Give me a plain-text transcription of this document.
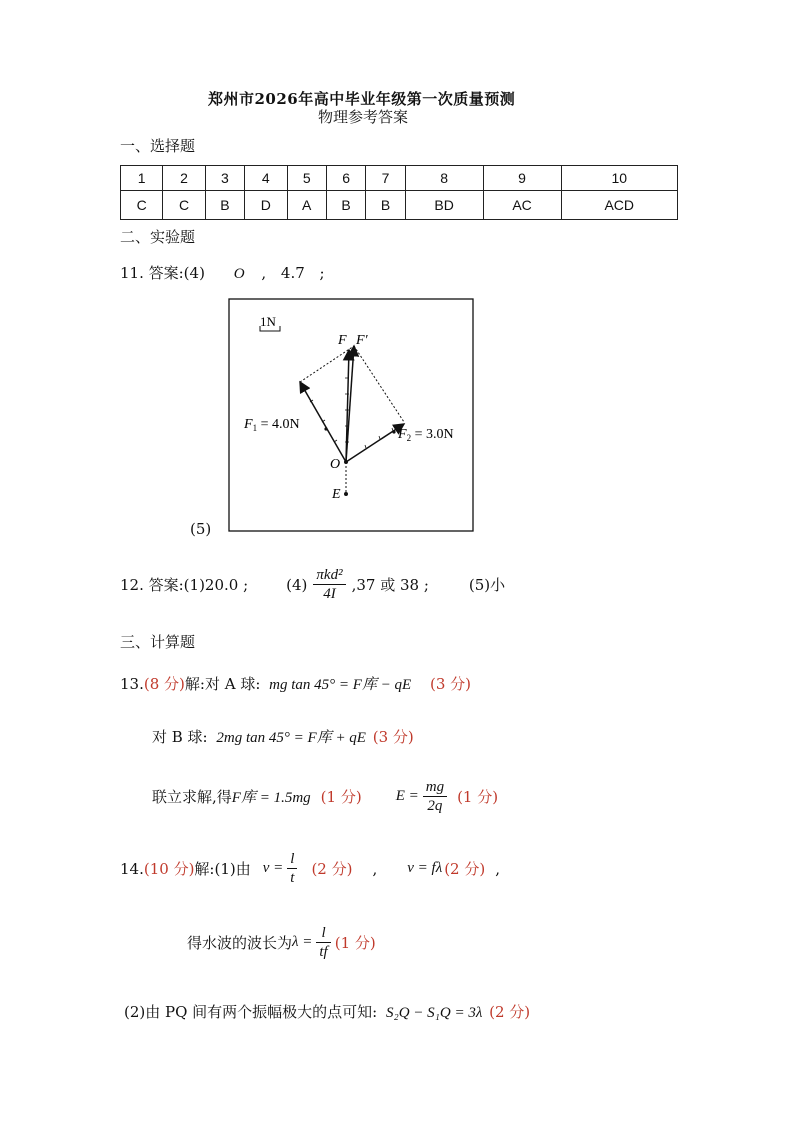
郑州市2026年高中毕业年级第一次质量预测
物理参考答案
一、选择题
1	2	3	4	5	6	7	8	9	10
C	C	B	D	A	B	B	BD	AC	ACD
二、实验题
11. 答案:(4) O , 4.7 ;
1N
F F′
$F_1 = 4.0N$
$F_2 = 3.0N$
O
E
(5)
12. 答案:(1)20.0 ;	$(4) \frac{\text{πkd²}}{4I} ,37$ 或 38 ;	(5)小
三、计算题
13.(8 分)解:对 A 球: mg tan 45° = F库 − qE (3 分)
对 B 球: 2mg tan 45° = F库 + qE (3 分)
联立求解,得 F库 = 1.5mg (1 分) $E = \frac{mg}{2q} (1$ 分)
14. (10 分) 解:(1)由 $v = \frac{l}{t} (2$ 分) , v = fλ (2 分) ,
得水波的波长为 $\lambda = \frac{l}{tf} (1$ 分)
(2)由 PQ 间有两个振幅极大的点可知: S₂Q − S₁Q = 3λ (2 分)
